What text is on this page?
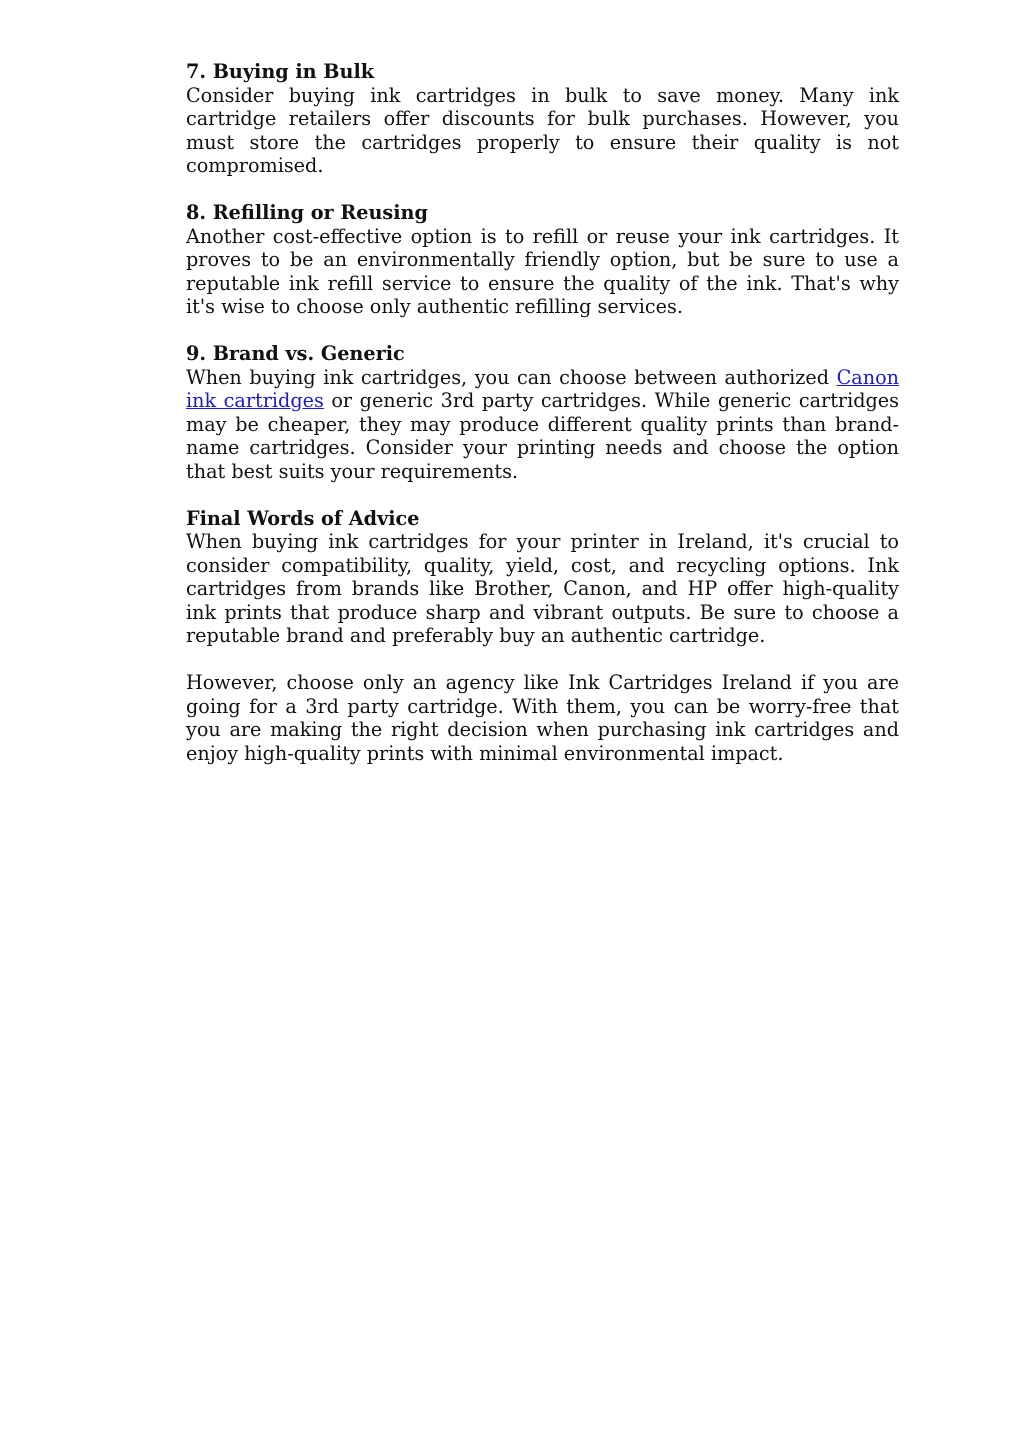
7. Buying in Bulk

Consider buying ink cartridges in bulk to save money. Many ink cartridge retailers offer discounts for bulk purchases. However, you must store the cartridges properly to ensure their quality is not compromised.

8. Refilling or Reusing

Another cost-effective option is to refill or reuse your ink cartridges. It proves to be an environmentally friendly option, but be sure to use a reputable ink refill service to ensure the quality of the ink. That's why it's wise to choose only authentic refilling services.

9. Brand vs. Generic

When buying ink cartridges, you can choose between authorized Canon ink cartridges or generic 3rd party cartridges. While generic cartridges may be cheaper, they may produce different quality prints than brand-name cartridges. Consider your printing needs and choose the option that best suits your requirements.

Final Words of Advice

When buying ink cartridges for your printer in Ireland, it's crucial to consider compatibility, quality, yield, cost, and recycling options. Ink cartridges from brands like Brother, Canon, and HP offer high-quality ink prints that produce sharp and vibrant outputs. Be sure to choose a reputable brand and preferably buy an authentic cartridge.

However, choose only an agency like Ink Cartridges Ireland if you are going for a 3rd party cartridge. With them, you can be worry-free that you are making the right decision when purchasing ink cartridges and enjoy high-quality prints with minimal environmental impact.
